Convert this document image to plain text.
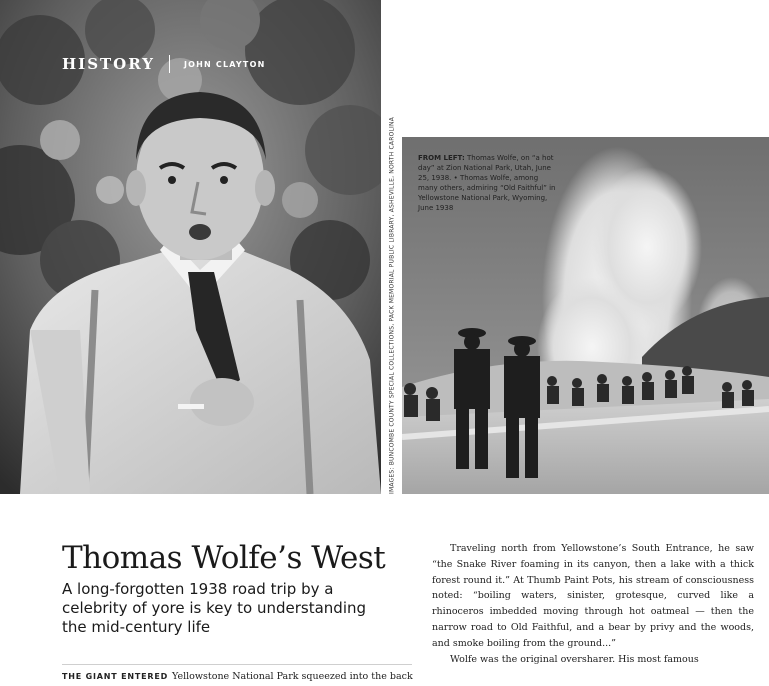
HISTORY	JOHN CLAYTON
IMAGES: BUNCOMBE COUNTY SPECIAL COLLECTIONS, PACK MEMORIAL PUBLIC LIBRARY, ASHEVILLE, NORTH CAROLINA	FROM LEFT: Thomas Wolfe, on “a hot day” at Zion National Park, Utah, June 25, 1938. • Thomas Wolfe, among many others, admiring “Old Faithful” in Yellowstone National Park, Wyoming, June 1938
Thomas Wolfe’s West
A long-forgotten 1938 road trip by a celebrity of yore is key to understanding the mid-century life
THE GIANT ENTERED Yellowstone National Park squeezed into the back

Traveling north from Yellowstone’s South Entrance, he saw “the Snake River foaming in its canyon, then a lake with a thick forest round it.” At Thumb Paint Pots, his stream of consciousness noted: “boiling waters, sinister, grotesque, curved like a rhinoceros imbedded moving through hot oatmeal — then the narrow road to Old Faithful, and a bear by privy and the woods, and smoke boiling from the ground...”

Wolfe was the original oversharer. His most famous
